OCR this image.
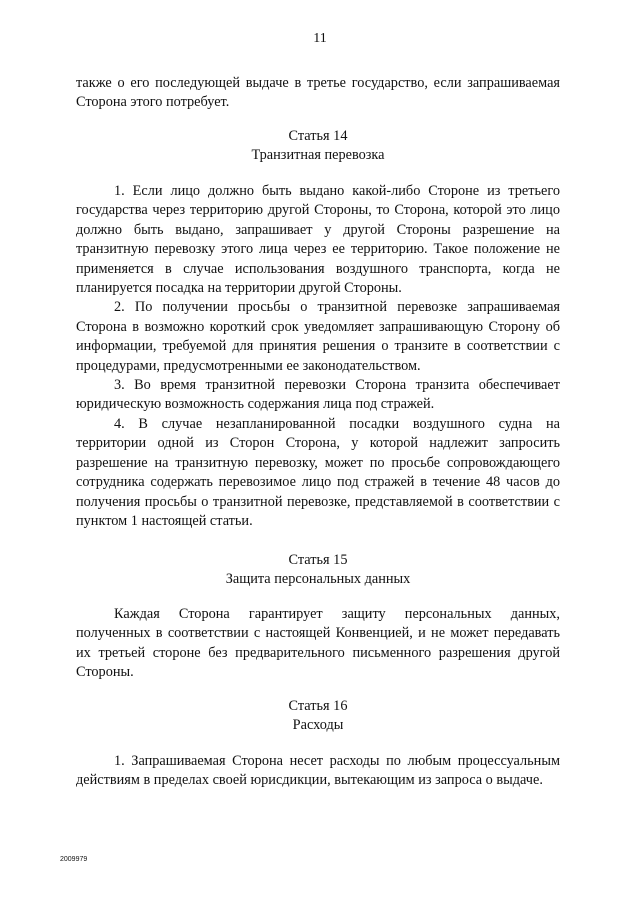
11

также о его последующей выдаче в третье государство, если запрашиваемая Сторона этого потребует.

Статья 14

Транзитная перевозка

1. Если лицо должно быть выдано какой-либо Стороне из третьего государства через территорию другой Стороны, то Сторона, которой это лицо должно быть выдано, запрашивает у другой Стороны разрешение на транзитную перевозку этого лица через ее территорию. Такое положение не применяется в случае использования воздушного транспорта, когда не планируется посадка на территории другой Стороны.

2. По получении просьбы о транзитной перевозке запрашиваемая Сторона в возможно короткий срок уведомляет запрашивающую Сторону об информации, требуемой для принятия решения о транзите в соответствии с процедурами, предусмотренными ее законодательством.

3. Во время транзитной перевозки Сторона транзита обеспечивает юридическую возможность содержания лица под стражей.

4. В случае незапланированной посадки воздушного судна на территории одной из Сторон Сторона, у которой надлежит запросить разрешение на транзитную перевозку, может по просьбе сопровождающего сотрудника содержать перевозимое лицо под стражей в течение 48 часов до получения просьбы о транзитной перевозке, представляемой в соответствии с пунктом 1 настоящей статьи.

Статья 15

Защита персональных данных

Каждая Сторона гарантирует защиту персональных данных, полученных в соответствии с настоящей Конвенцией, и не может передавать их третьей стороне без предварительного письменного разрешения другой Стороны.

Статья 16

Расходы

1. Запрашиваемая Сторона несет расходы по любым процессуальным действиям в пределах своей юрисдикции, вытекающим из запроса о выдаче.

2009979
